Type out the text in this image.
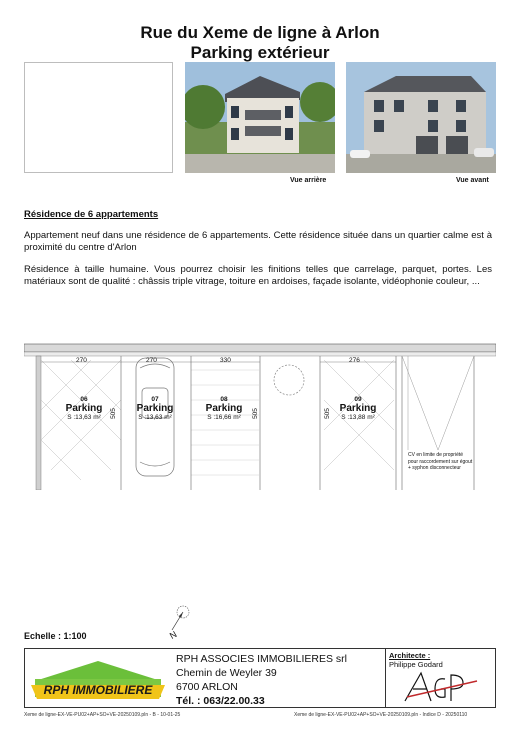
Rue du Xeme de ligne à Arlon
Parking extérieur
Vue arrière	Vue avant
Résidence de 6 appartements
Appartement neuf dans une résidence de 6 appartements. Cette résidence située dans un quartier calme est à proximité du centre d'Arlon
Résidence à taille humaine. Vous pourrez choisir les finitions telles que carrelage, parquet, portes. Les matériaux sont de qualité : châssis triple vitrage, toiture en ardoises, façade isolante, vidéophonie couleur, ...
270	270	330	276
505	505	505
06
Parking
S :13,63 m²
07
Parking
S :13,63 m²
08
Parking
S :16,66 m²
09
Parking
S :13,88 m²
CV en limite de propriété
pour raccordement sur égout
+ syphon disconnecteur
N
Echelle : 1:100
RPH IMMOBILIERE
RPH ASSOCIES IMMOBILIERES srl
Chemin de Weyler 39
6700 ARLON
Tél. : 063/22.00.33
Architecte :
Philippe Godard
Xeme de ligne-EX-VE-PU02+AP+SO+VE-20250109.pln - B - 10-01-25	Xeme de ligne-EX-VE-PU02+AP+SO+VE-20250109.pln - Indice D - 20250110
